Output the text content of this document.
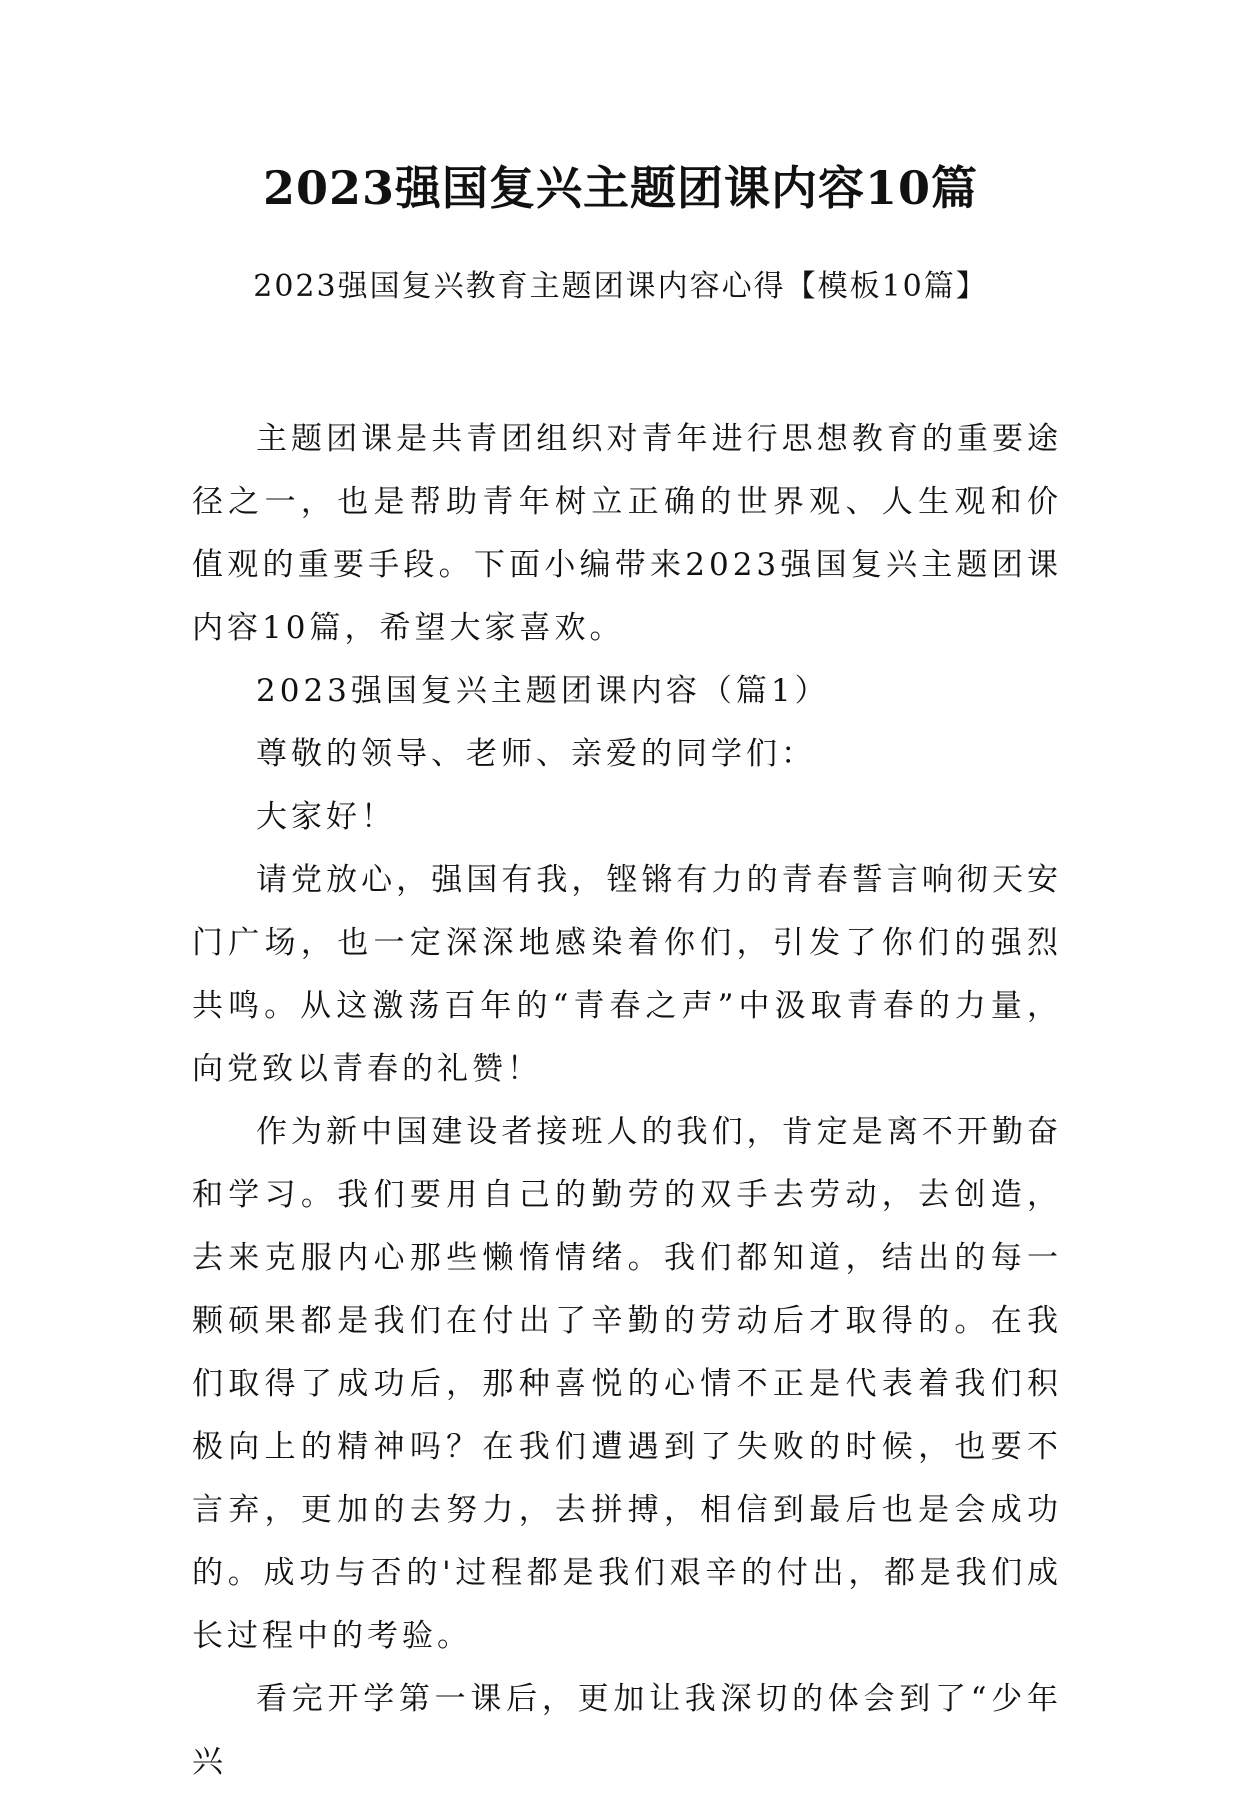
2023强国复兴主题团课内容10篇
2023强国复兴教育主题团课内容心得【模板10篇】

主题团课是共青团组织对青年进行思想教育的重要途径之一，也是帮助青年树立正确的世界观、人生观和价值观的重要手段。下面小编带来2023强国复兴主题团课内容10篇，希望大家喜欢。

2023强国复兴主题团课内容（篇1）

尊敬的领导、老师、亲爱的同学们：

大家好！

请党放心，强国有我，铿锵有力的青春誓言响彻天安门广场，也一定深深地感染着你们，引发了你们的强烈共鸣。从这激荡百年的“青春之声”中汲取青春的力量，向党致以青春的礼赞！

作为新中国建设者接班人的我们，肯定是离不开勤奋和学习。我们要用自己的勤劳的双手去劳动，去创造，去来克服内心那些懒惰情绪。我们都知道，结出的每一颗硕果都是我们在付出了辛勤的劳动后才取得的。在我们取得了成功后，那种喜悦的心情不正是代表着我们积极向上的精神吗？在我们遭遇到了失败的时候，也要不言弃，更加的去努力，去拼搏，相信到最后也是会成功的。成功与否的'过程都是我们艰辛的付出，都是我们成长过程中的考验。

看完开学第一课后，更加让我深切的体会到了“少年兴
